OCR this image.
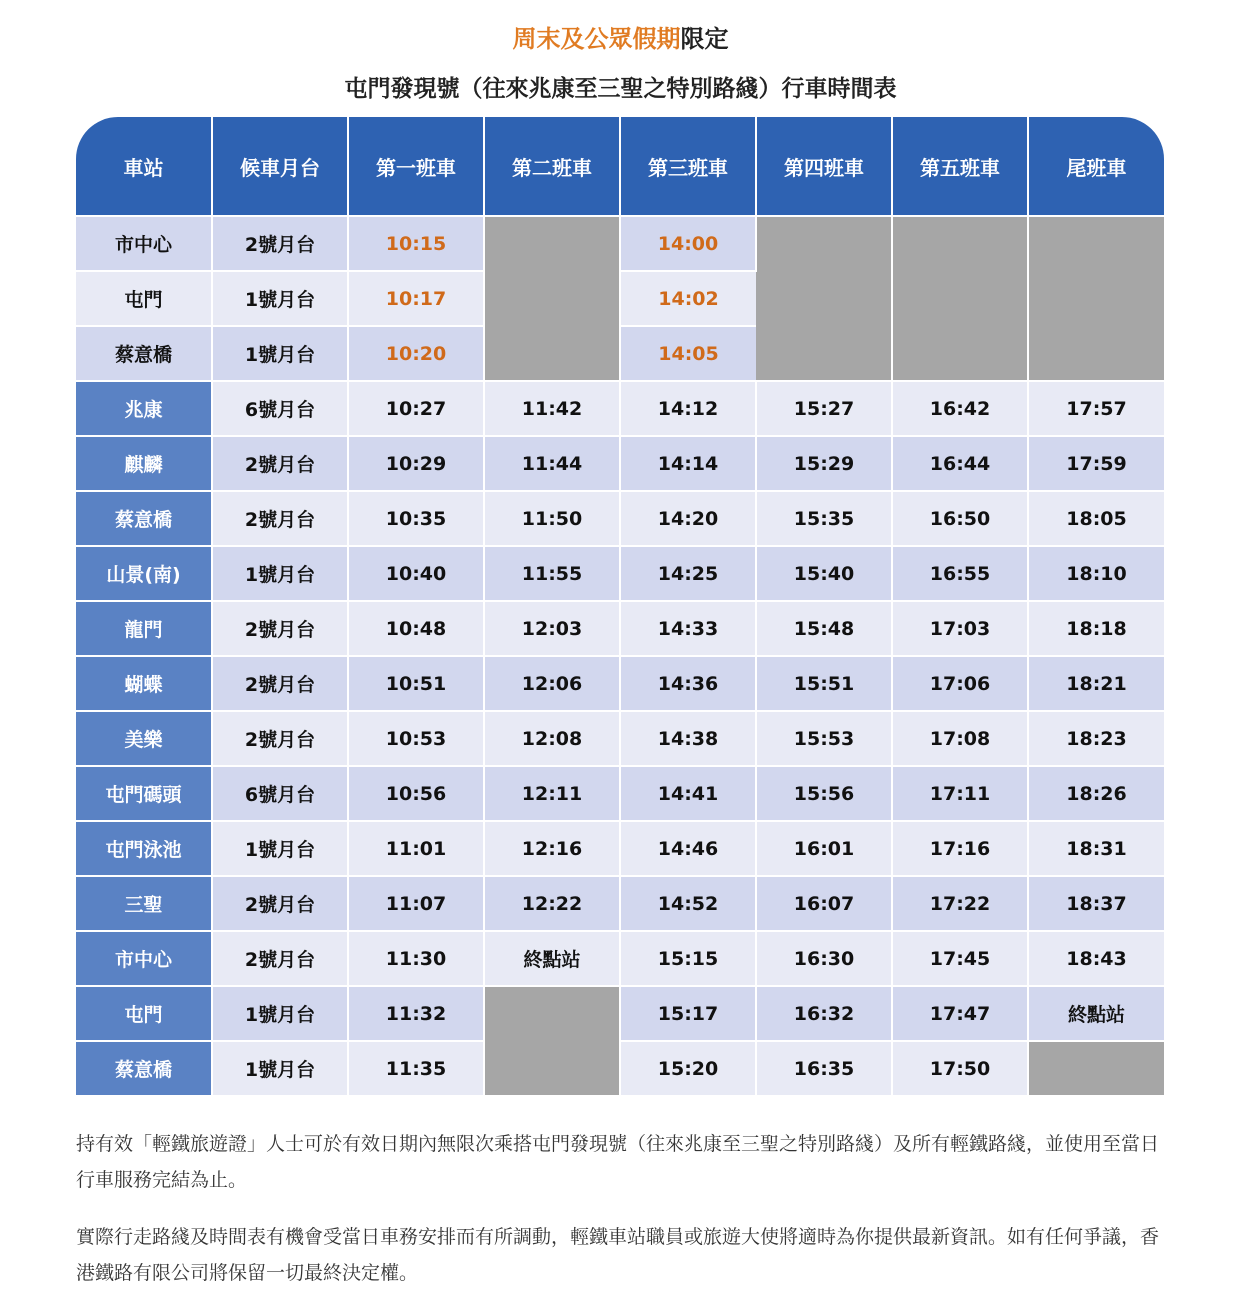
周末及公眾假期限定
屯門發現號（往來兆康至三聖之特別路綫）行車時間表
車站	候車月台	第一班車	第二班車	第三班車	第四班車	第五班車	尾班車
市中心	2號月台	10:15		14:00			
屯門	1號月台	10:17		14:02			
蔡意橋	1號月台	10:20		14:05			
兆康	6號月台	10:27	11:42	14:12	15:27	16:42	17:57
麒麟	2號月台	10:29	11:44	14:14	15:29	16:44	17:59
蔡意橋	2號月台	10:35	11:50	14:20	15:35	16:50	18:05
山景(南)	1號月台	10:40	11:55	14:25	15:40	16:55	18:10
龍門	2號月台	10:48	12:03	14:33	15:48	17:03	18:18
蝴蝶	2號月台	10:51	12:06	14:36	15:51	17:06	18:21
美樂	2號月台	10:53	12:08	14:38	15:53	17:08	18:23
屯門碼頭	6號月台	10:56	12:11	14:41	15:56	17:11	18:26
屯門泳池	1號月台	11:01	12:16	14:46	16:01	17:16	18:31
三聖	2號月台	11:07	12:22	14:52	16:07	17:22	18:37
市中心	2號月台	11:30	終點站	15:15	16:30	17:45	18:43
屯門	1號月台	11:32		15:17	16:32	17:47	終點站
蔡意橋	1號月台	11:35		15:20	16:35	17:50	
持有效「輕鐵旅遊證」人士可於有效日期內無限次乘搭屯門發現號（往來兆康至三聖之特別路綫）及所有輕鐵路綫，並使用至當日行車服務完結為止。
實際行走路綫及時間表有機會受當日車務安排而有所調動，輕鐵車站職員或旅遊大使將適時為你提供最新資訊。如有任何爭議，香港鐵路有限公司將保留一切最終決定權。
